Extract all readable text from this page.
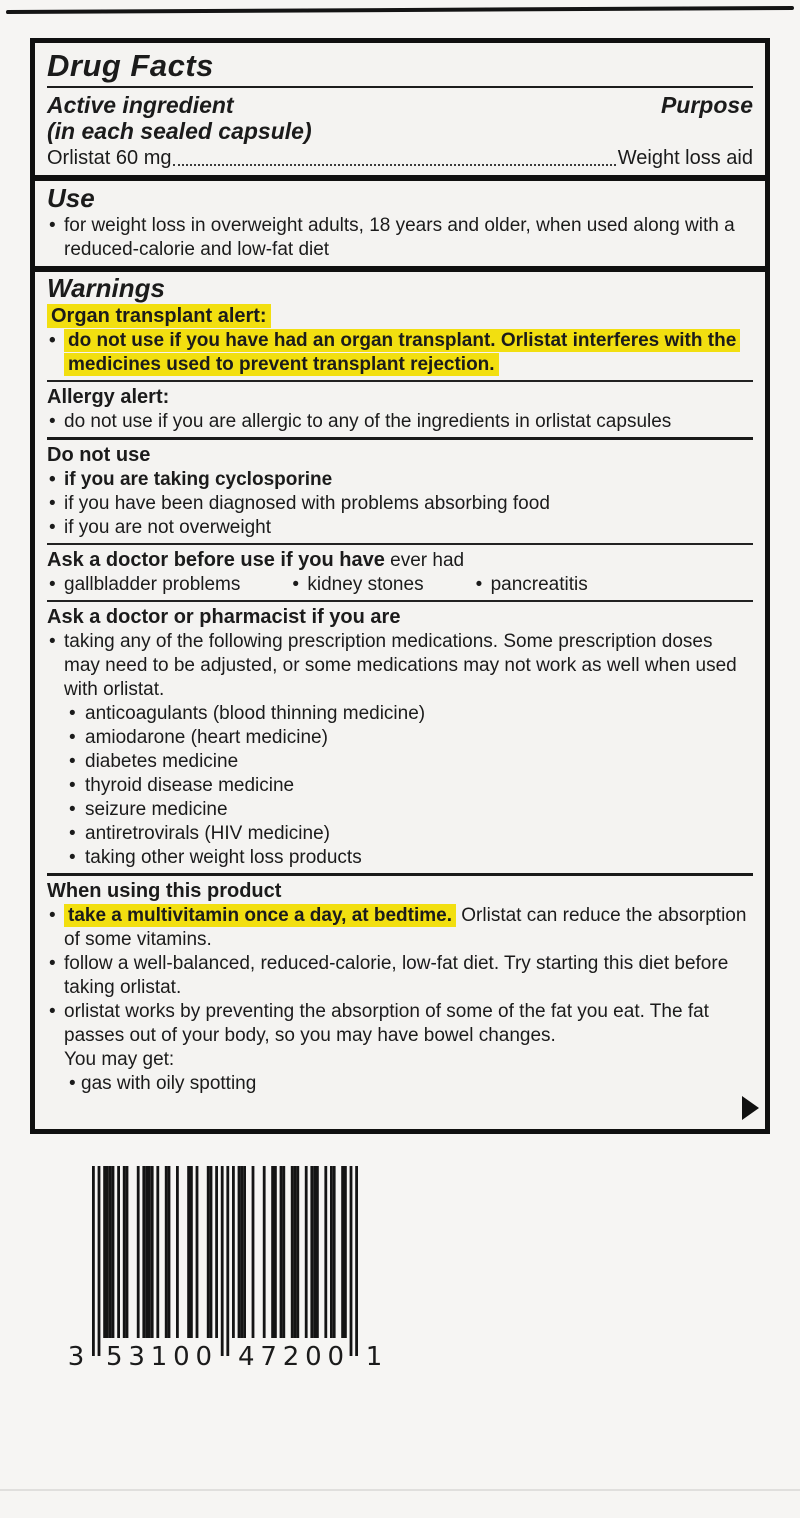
Drug Facts
Active ingredient
(in each sealed capsule)
Purpose
Orlistat 60 mg	Weight loss aid
Use
• for weight loss in overweight adults, 18 years and older, when used along with a reduced-calorie and low-fat diet
Warnings
Organ transplant alert:
• do not use if you have had an organ transplant. Orlistat interferes with the medicines used to prevent transplant rejection.
Allergy alert:
• do not use if you are allergic to any of the ingredients in orlistat capsules
Do not use
• if you are taking cyclosporine
• if you have been diagnosed with problems absorbing food
• if you are not overweight
Ask a doctor before use if you have ever had
• gallbladder problems	• kidney stones	• pancreatitis
Ask a doctor or pharmacist if you are
• taking any of the following prescription medications. Some prescription doses may need to be adjusted, or some medications may not work as well when used with orlistat.
• anticoagulants (blood thinning medicine)
• amiodarone (heart medicine)
• diabetes medicine
• thyroid disease medicine
• seizure medicine
• antiretrovirals (HIV medicine)
• taking other weight loss products
When using this product
• take a multivitamin once a day, at bedtime. Orlistat can reduce the absorption of some vitamins.
• follow a well-balanced, reduced-calorie, low-fat diet. Try starting this diet before taking orlistat.
• orlistat works by preventing the absorption of some of the fat you eat. The fat passes out of your body, so you may have bowel changes.
You may get:
• gas with oily spotting
3 53100 47200 1
